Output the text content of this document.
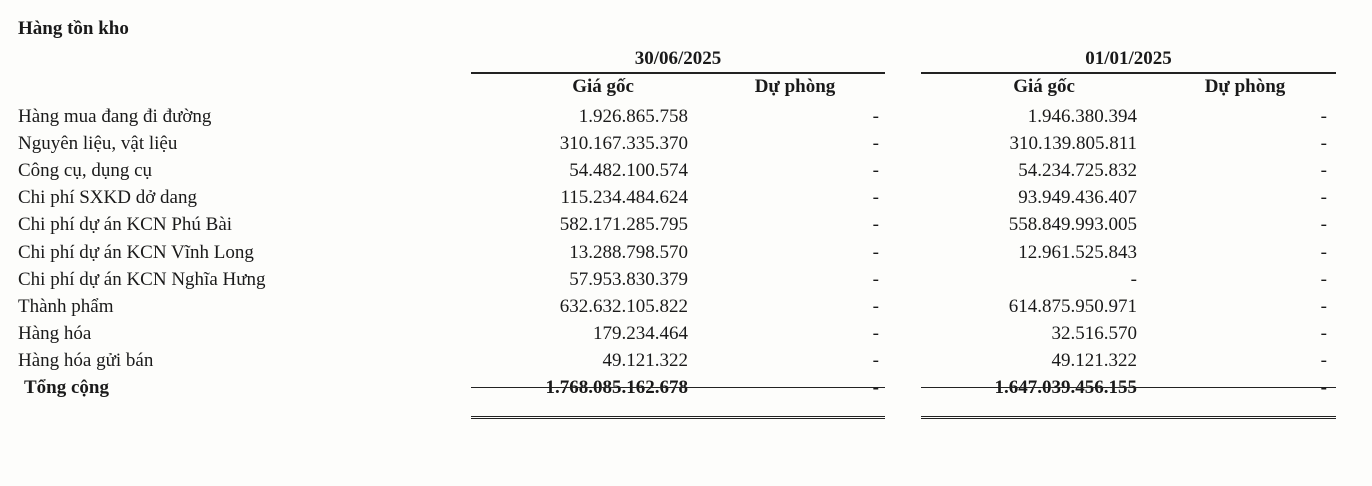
Hàng tồn kho
30/06/2025	01/01/2025
Giá gốc	Dự phòng	Giá gốc	Dự phòng
Hàng mua đang đi đường	1.926.865.758	-		1.946.380.394	-
Nguyên liệu, vật liệu	310.167.335.370	-		310.139.805.811	-
Công cụ, dụng cụ	54.482.100.574	-		54.234.725.832	-
Chi phí SXKD dở dang	115.234.484.624	-		93.949.436.407	-
Chi phí dự án KCN Phú Bài	582.171.285.795	-		558.849.993.005	-
Chi phí dự án KCN Vĩnh Long	13.288.798.570	-		12.961.525.843	-
Chi phí dự án KCN Nghĩa Hưng	57.953.830.379	-		-	-
Thành phẩm	632.632.105.822	-		614.875.950.971	-
Hàng hóa	179.234.464	-		32.516.570	-
Hàng hóa gửi bán	49.121.322	-		49.121.322	-
Tổng cộng	1.768.085.162.678	-		1.647.039.456.155	-
